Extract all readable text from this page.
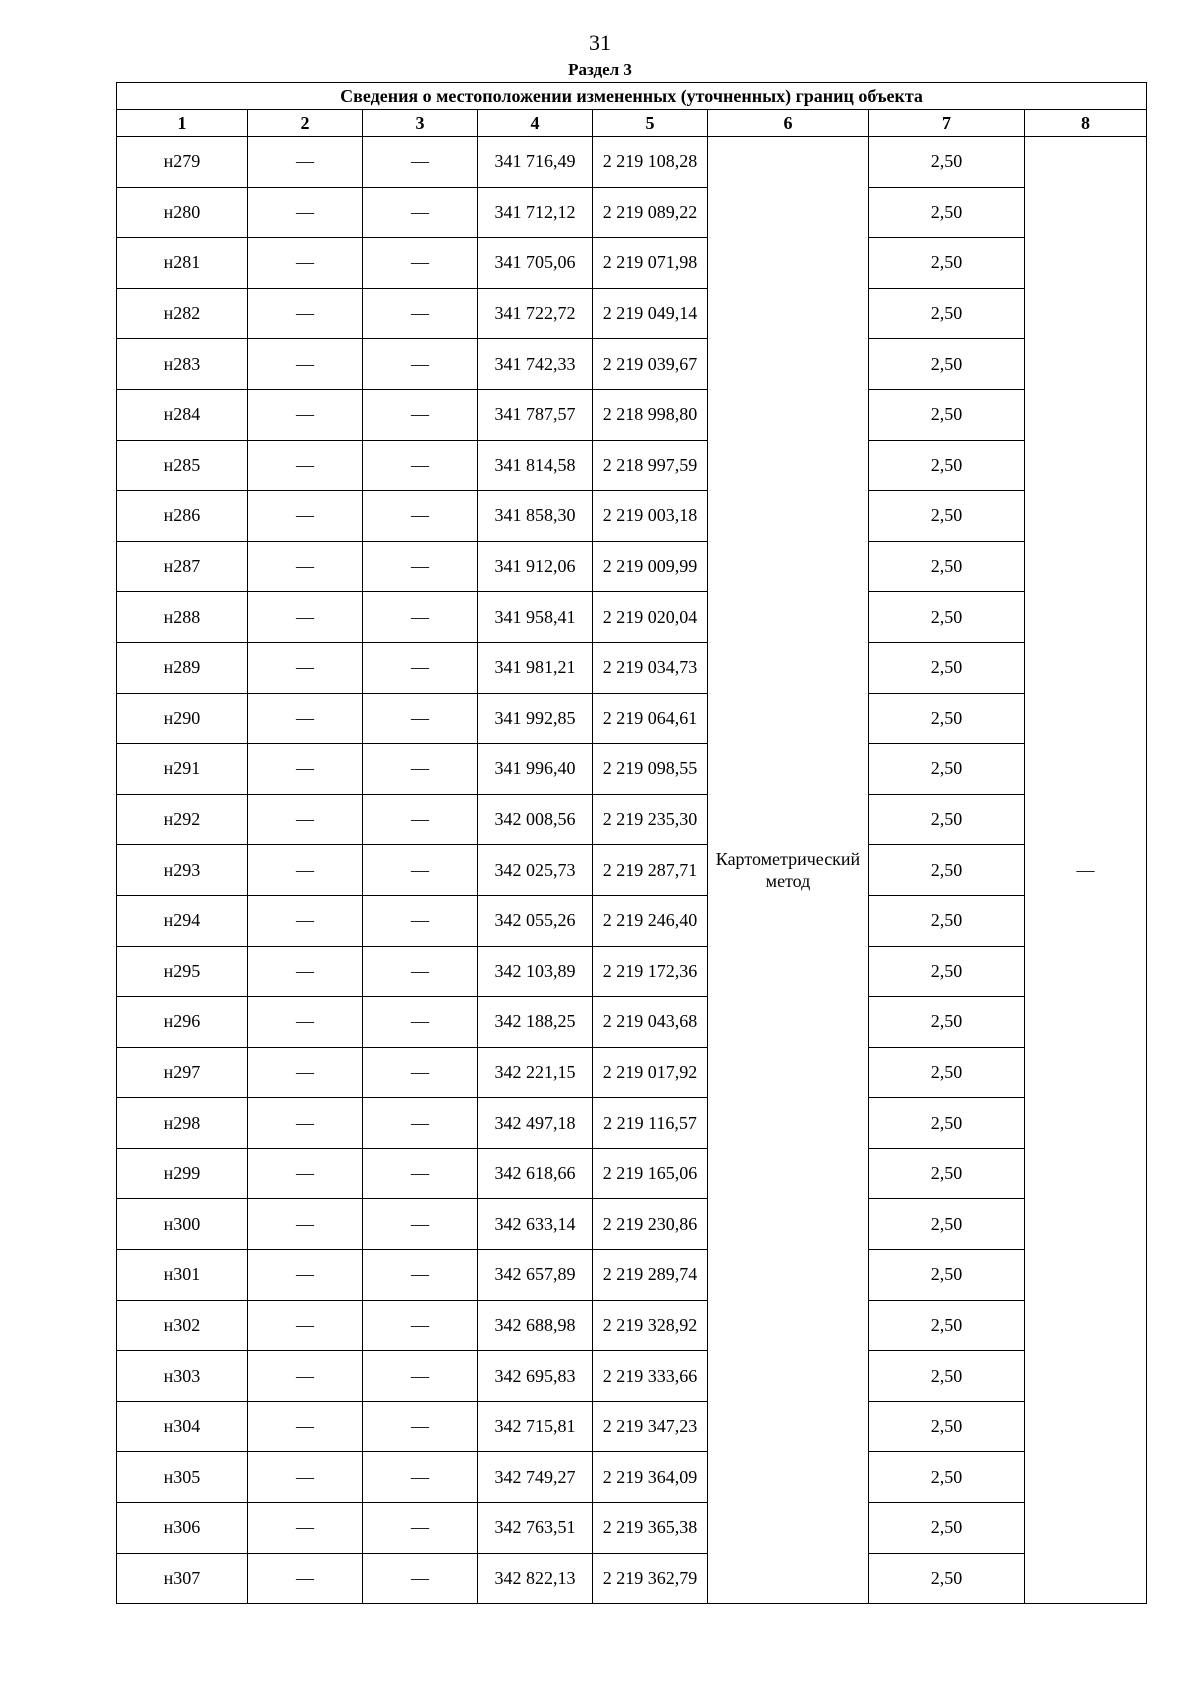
31
Раздел 3
Сведения о местоположении измененных (уточненных) границ объекта							
1	2	3	4	5	6	7	8
н279	—	—	341 716,49	2 219 108,28	Картометрический метод	2,50	—
н280	—	—	341 712,12	2 219 089,22		2,50	
н281	—	—	341 705,06	2 219 071,98		2,50	
н282	—	—	341 722,72	2 219 049,14		2,50	
н283	—	—	341 742,33	2 219 039,67		2,50	
н284	—	—	341 787,57	2 218 998,80		2,50	
н285	—	—	341 814,58	2 218 997,59		2,50	
н286	—	—	341 858,30	2 219 003,18		2,50	
н287	—	—	341 912,06	2 219 009,99		2,50	
н288	—	—	341 958,41	2 219 020,04		2,50	
н289	—	—	341 981,21	2 219 034,73		2,50	
н290	—	—	341 992,85	2 219 064,61		2,50	
н291	—	—	341 996,40	2 219 098,55		2,50	
н292	—	—	342 008,56	2 219 235,30		2,50	
н293	—	—	342 025,73	2 219 287,71		2,50	
н294	—	—	342 055,26	2 219 246,40		2,50	
н295	—	—	342 103,89	2 219 172,36		2,50	
н296	—	—	342 188,25	2 219 043,68		2,50	
н297	—	—	342 221,15	2 219 017,92		2,50	
н298	—	—	342 497,18	2 219 116,57		2,50	
н299	—	—	342 618,66	2 219 165,06		2,50	
н300	—	—	342 633,14	2 219 230,86		2,50	
н301	—	—	342 657,89	2 219 289,74		2,50	
н302	—	—	342 688,98	2 219 328,92		2,50	
н303	—	—	342 695,83	2 219 333,66		2,50	
н304	—	—	342 715,81	2 219 347,23		2,50	
н305	—	—	342 749,27	2 219 364,09		2,50	
н306	—	—	342 763,51	2 219 365,38		2,50	
н307	—	—	342 822,13	2 219 362,79		2,50	
